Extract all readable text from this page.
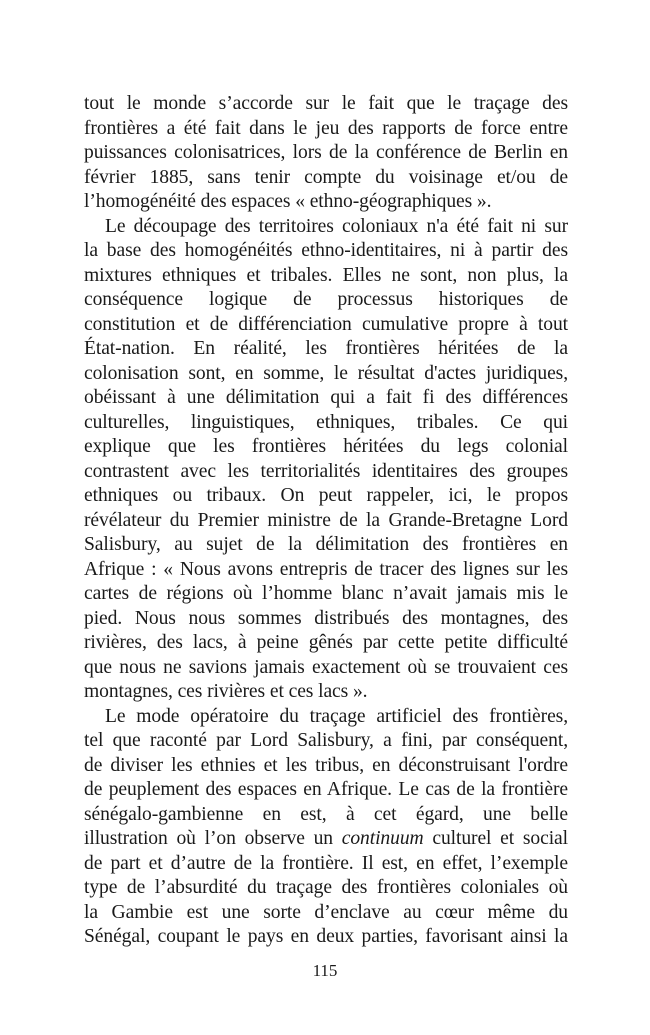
tout le monde s’accorde sur le fait que le traçage des
frontières a été fait dans le jeu des rapports de force entre
puissances colonisatrices, lors de la conférence de Berlin en
février 1885, sans tenir compte du voisinage et/ou de
l’homogénéité des espaces « ethno-géographiques ».
Le découpage des territoires coloniaux n'a été fait ni sur
la base des homogénéités ethno-identitaires, ni à partir des
mixtures ethniques et tribales. Elles ne sont, non plus, la
conséquence logique de processus historiques de
constitution et de différenciation cumulative propre à tout
État-nation. En réalité, les frontières héritées de la
colonisation sont, en somme, le résultat d'actes juridiques,
obéissant à une délimitation qui a fait fi des différences
culturelles, linguistiques, ethniques, tribales. Ce qui
explique que les frontières héritées du legs colonial
contrastent avec les territorialités identitaires des groupes
ethniques ou tribaux. On peut rappeler, ici, le propos
révélateur du Premier ministre de la Grande-Bretagne Lord
Salisbury, au sujet de la délimitation des frontières en
Afrique : « Nous avons entrepris de tracer des lignes sur les
cartes de régions où l’homme blanc n’avait jamais mis le
pied. Nous nous sommes distribués des montagnes, des
rivières, des lacs, à peine gênés par cette petite difficulté
que nous ne savions jamais exactement où se trouvaient ces
montagnes, ces rivières et ces lacs ».
Le mode opératoire du traçage artificiel des frontières,
tel que raconté par Lord Salisbury, a fini, par conséquent,
de diviser les ethnies et les tribus, en déconstruisant l'ordre
de peuplement des espaces en Afrique. Le cas de la frontière
sénégalo-gambienne en est, à cet égard, une belle
illustration où l’on observe un continuum culturel et social
de part et d’autre de la frontière. Il est, en effet, l’exemple
type de l’absurdité du traçage des frontières coloniales où
la Gambie est une sorte d’enclave au cœur même du
Sénégal, coupant le pays en deux parties, favorisant ainsi la
115
